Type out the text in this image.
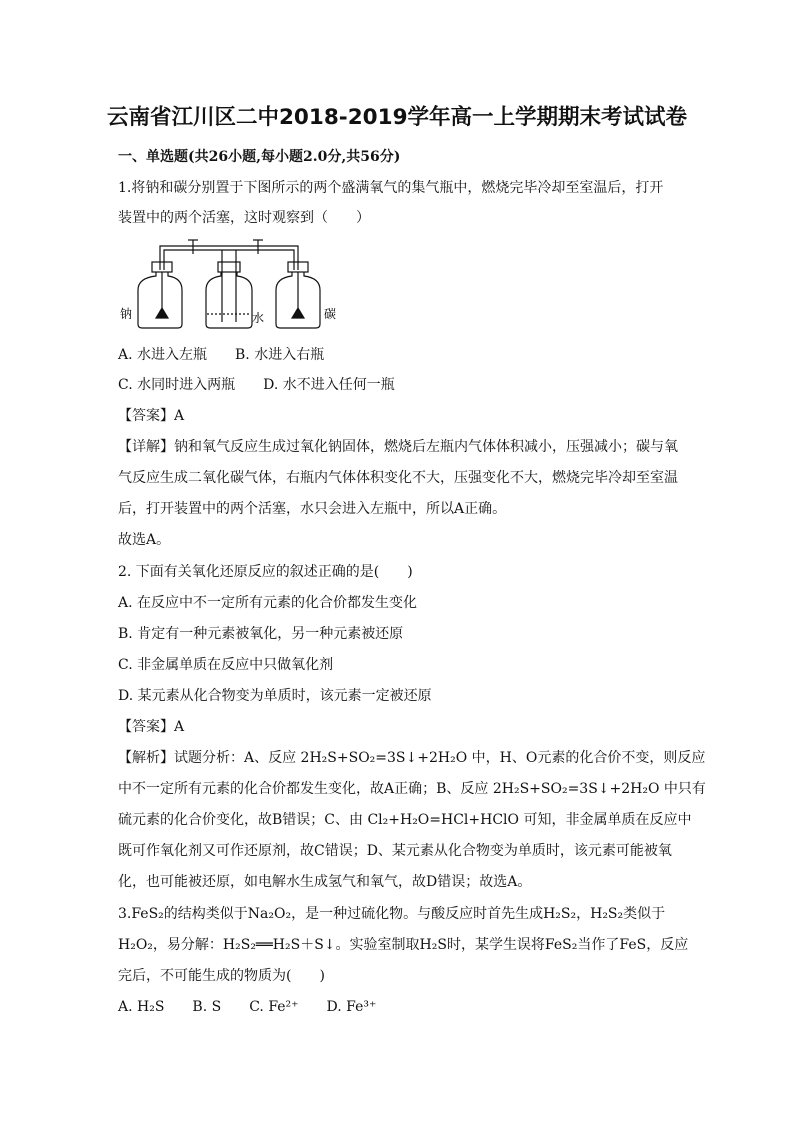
云南省江川区二中2018-2019学年高一上学期期末考试试卷
一、单选题(共26小题,每小题2.0分,共56分)
1.将钠和碳分别置于下图所示的两个盛满氧气的集气瓶中，燃烧完毕冷却至室温后，打开
装置中的两个活塞，这时观察到（　　）
钠	水	碳
A. 水进入左瓶 B. 水进入右瓶
C. 水同时进入两瓶 D. 水不进入任何一瓶
【答案】A
【详解】钠和氧气反应生成过氧化钠固体，燃烧后左瓶内气体体积减小，压强减小；碳与氧
气反应生成二氧化碳气体，右瓶内气体体积变化不大，压强变化不大，燃烧完毕冷却至室温
后，打开装置中的两个活塞，水只会进入左瓶中，所以A正确。
故选A。
2. 下面有关氧化还原反应的叙述正确的是(　　)
A. 在反应中不一定所有元素的化合价都发生变化
B. 肯定有一种元素被氧化，另一种元素被还原
C. 非金属单质在反应中只做氧化剂
D. 某元素从化合物变为单质时，该元素一定被还原
【答案】A
【解析】试题分析：A、反应 2H₂S+SO₂=3S↓+2H₂O 中，H、O元素的化合价不变，则反应
中不一定所有元素的化合价都发生变化，故A正确；B、反应 2H₂S+SO₂=3S↓+2H₂O 中只有
硫元素的化合价变化，故B错误；C、由 Cl₂+H₂O=HCl+HClO 可知，非金属单质在反应中
既可作氧化剂又可作还原剂，故C错误；D、某元素从化合物变为单质时，该元素可能被氧
化，也可能被还原，如电解水生成氢气和氧气，故D错误；故选A。
3.FeS₂的结构类似于Na₂O₂，是一种过硫化物。与酸反应时首先生成H₂S₂，H₂S₂类似于
H₂O₂，易分解：H₂S₂══H₂S＋S↓。实验室制取H₂S时，某学生误将FeS₂当作了FeS，反应
完后，不可能生成的物质为(　　)
A. H₂S　　B. S　　C. Fe²⁺　　D. Fe³⁺
